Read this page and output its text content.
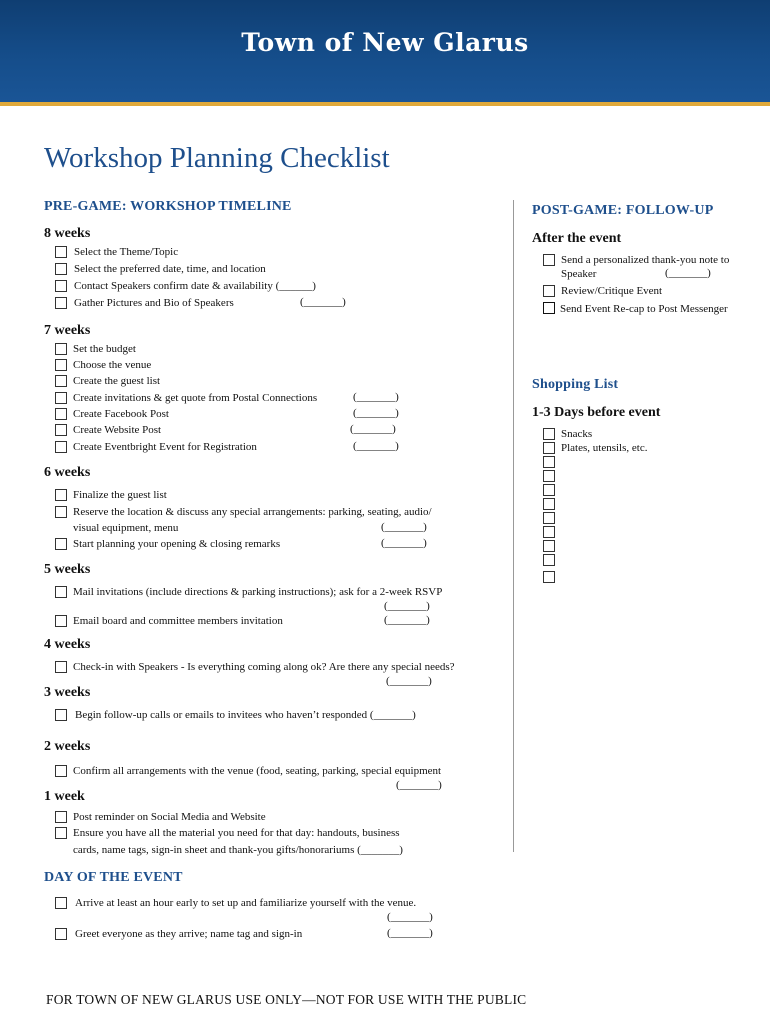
Town of New Glarus
Workshop Planning Checklist
PRE-GAME: WORKSHOP TIMELINE
8 weeks
Select the Theme/Topic
Select the preferred date, time, and location
Contact Speakers confirm date & availability (______)
Gather Pictures and Bio of Speakers	(_______)
7 weeks
Set the budget
Choose the venue
Create the guest list
Create invitations & get quote from Postal Connections	(_______)
Create Facebook Post	(_______)
Create Website Post	(_______)
Create Eventbright Event for Registration	(_______)
6 weeks
Finalize the guest list
Reserve the location & discuss any special arrangements: parking, seating, audio/
visual equipment, menu	(_______)
Start planning your opening & closing remarks	(_______)
5 weeks
Mail invitations (include directions & parking instructions); ask for a 2-week RSVP
(_______)
Email board and committee members invitation	(_______)
4 weeks
Check-in with Speakers - Is everything coming along ok? Are there any special needs?
(_______)
3 weeks
Begin follow-up calls or emails to invitees who haven’t responded (_______)
2 weeks
Confirm all arrangements with the venue (food, seating, parking, special equipment
(_______)
1 week
Post reminder on Social Media and Website
Ensure you have all the material you need for that day: handouts, business
cards, name tags, sign-in sheet and thank-you gifts/honorariums (_______)
DAY OF THE EVENT
Arrive at least an hour early to set up and familiarize yourself with the venue.
(_______)
Greet everyone as they arrive; name tag and sign-in	(_______)
POST-GAME: FOLLOW-UP
After the event
Send a personalized thank-you note to
Speaker	(_______)
Review/Critique Event
Send Event Re-cap to Post Messenger
Shopping List
1-3 Days before event
Snacks
Plates, utensils, etc.
FOR TOWN OF NEW GLARUS USE ONLY—NOT FOR USE WITH THE PUBLIC
